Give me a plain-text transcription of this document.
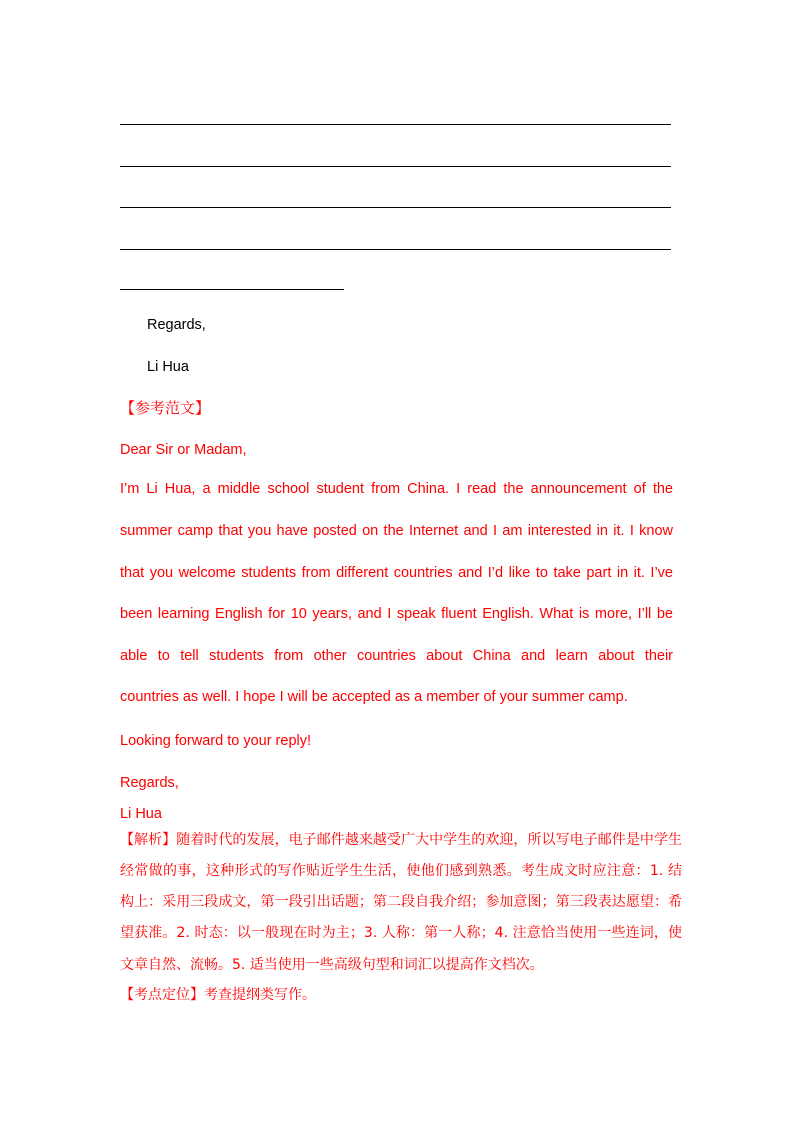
Regards,
Li Hua
【参考范文】
Dear Sir or Madam,
I’m Li Hua, a middle school student from China. I read the announcement of the
summer camp that you have posted on the Internet and I am interested in it. I know
that you welcome students from different countries and I’d like to take part in it. I’ve
been learning English for 10 years, and I speak fluent English. What is more, I’ll be
able to tell students from other countries about China and learn about their
countries as well. I hope I will be accepted as a member of your summer camp.
Looking forward to your reply!
Regards,
Li Hua
【解析】随着时代的发展，电子邮件越来越受广大中学生的欢迎，所以写电子邮件是中学生
经常做的事，这种形式的写作贴近学生生活，使他们感到熟悉。考生成文时应注意：1. 结
构上：采用三段成文，第一段引出话题；第二段自我介绍；参加意图；第三段表达愿望：希
望获准。2. 时态：以一般现在时为主；3. 人称：第一人称；4. 注意恰当使用一些连词，使
文章自然、流畅。5. 适当使用一些高级句型和词汇以提高作文档次。
【考点定位】考查提纲类写作。
